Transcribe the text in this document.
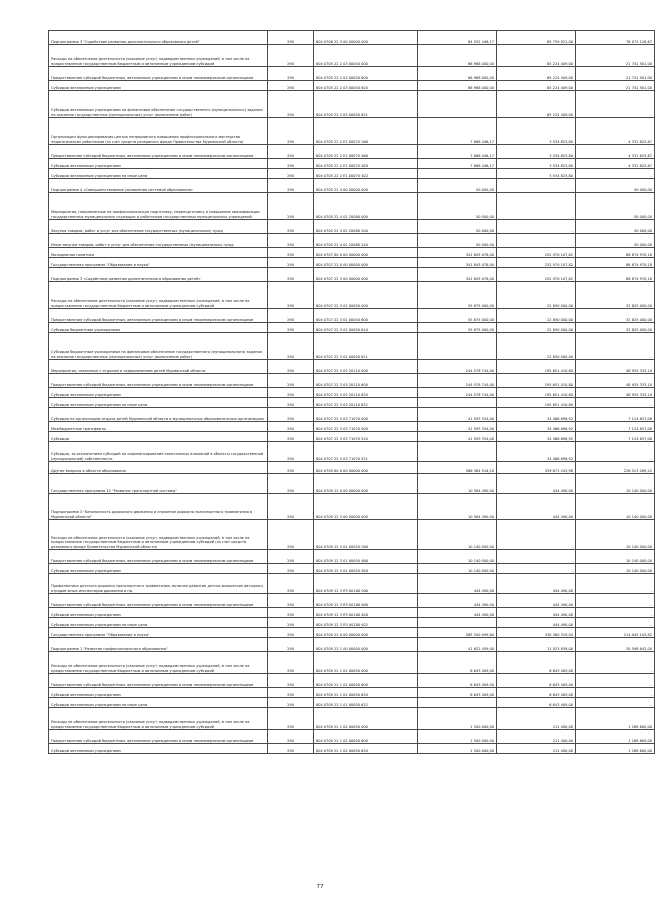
Подпрограмма 3 "Содействие развитию дополнительного образования детей"	290	804 0706 22 3 00 00000 000	64 932 446,17	65 759 921,00	76 073 126,67
Расходы на обеспечение деятельности (оказание услуг) подведомственных учреждений, в том числе на предоставление государственным бюджетным и автономным учреждениям субсидий	290	804 0705 22 2 03 00050 000	66 968 000,00	65 224 409,00	21 741 501,00
Предоставление субсидий бюджетным, автономным учреждениям и иным некоммерческим организациям	290	804 0705 22 2 03 00050 600	66 968 000,00	65 224 409,00	21 741 501,00
Субсидии автономным учреждениям	290	804 0705 22 2 03 00050 620	66 968 000,00	65 224 409,00	21 741 501,00
Субсидии автономным учреждениям на финансовое обеспечение государственного (муниципального) задания на оказание государственных (муниципальных) услуг (выполнение работ)	290	804 0705 22 2 03 00050 621		65 224 409,00	-
Организация функционирования центра непрерывного повышения профессионального мастерства педагогических работников (за счет средств резервного фонда Правительства Мурманской области)	290	804 0705 22 2 E1 0007U 000	7 668 446,17	3 534 823,80	4 331 625,67
Предоставление субсидий бюджетным, автономным учреждениям и иным некоммерческим организациям	290	804 0705 22 2 E1 0007U 600	7 668 446,17	3 534 823,80	4 331 625,67
Субсидии автономным учреждениям	290	804 0705 22 2 E1 0007U 620	7 668 446,17	3 534 823,80	4 331 625,67
Субсидии автономным учреждениям на иные цели	290	804 0705 22 2 E1 0007U 622		3 534 823,80	-
Подпрограмма 4 «Совершенствование управления системой образования»	290	804 0705 22 4 00 00000 000	50 000,00	-	50 000,00
Мероприятия, направленные на профессиональную подготовку, переподготовку и повышение квалификации государственных муниципальных служащих и работников государственных муниципальных учреждений	290	804 0705 22 4 02 20080 000	50 000,00	-	50 000,00
Закупка товаров, работ и услуг для обеспечения государственных (муниципальных) нужд	290	804 0705 22 4 02 20080 200	50 000,00	-	50 000,00
Иные закупки товаров, работ и услуг для обеспечения государственных (муниципальных) нужд	290	804 0705 22 4 02 20080 240	50 000,00	-	50 000,00
Молодежная политика	290	804 0707 00 0 00 00000 000	341 845 078,00	252 970 107,82	88 874 970,18
Государственная программа "Образование и наука"	290	804 0707 22 0 00 00000 000	341 845 078,00	252 970 107,82	88 874 970,18
Подпрограмма 3 «Содействие развитию дополнительного образования детей»	290	804 0707 22 3 00 00000 000	341 845 078,00	252 970 107,82	88 874 970,18
Расходы на обеспечение деятельности (оказание услуг) подведомственных учреждений, в том числе на предоставление государственным бюджетным и автономным учреждениям субсидий	290	804 0707 22 3 01 00050 000	55 675 000,00	22 650 000,00	32 825 000,00
Предоставление субсидий бюджетным, автономным учреждениям и иным некоммерческим организациям	290	804 0707 22 3 01 00050 600	55 675 000,00	22 650 000,00	32 825 000,00
Субсидии бюджетным учреждениям	290	804 0707 22 3 01 00050 610	55 675 000,00	22 650 000,00	32 825 000,00
Субсидии бюджетным учреждениям на финансовое обеспечение государственного (муниципального) задания на оказание государственных (муниципальных) услуг (выполнение работ)	290	804 0707 22 3 01 00050 611		22 650 000,00	-
Мероприятия, связанные с отдыхом и оздоровлением детей Мурманской области	290	804 0707 22 3 03 20110 000	244 578 744,00	195 651 410,80	48 925 333,10
Предоставление субсидий бюджетным, автономным учреждениям и иным некоммерческим организациям	290	804 0707 22 3 03 20110 600	244 578 744,00	195 651 410,80	48 925 333,10
Субсидии автономным учреждениям	290	804 0707 22 3 03 20110 620	244 578 744,00	195 651 410,80	48 925 333,10
Субсидии автономным учреждениям на иные цели	290	804 0707 22 3 03 20110 622		195 651 410,80	-
Субсидия на организацию отдыха детей Мурманской области в муниципальных образовательных организациях	290	804 0707 22 3 03 71070 000	41 593 334,00	34 466 696,92	7 124 637,08
Межбюджетные трансферты	290	804 0707 22 3 03 71070 500	41 593 334,00	34 466 696,92	7 124 637,08
Субсидии	290	804 0707 22 3 03 71070 520	41 593 334,00	34 466 696,92	7 124 637,08
Субсидии, за исключением субсидий на софинансирование капитальных вложений в объекты государственной (муниципальной) собственности	290	804 0707 22 3 03 71070 521		34 466 696,92	-
Другие вопросы в области образования	290	804 0709 00 0 00 00000 000	566 384 516,20	339 871 243,98	226 513 289,22
Государственная программа 12 "Развитие транспортной системы"	290	804 0709 12 0 00 00000 000	10 584 490,00	444 490,00	10 140 000,00
Подпрограмма 3 "Безопасность дорожного движения и снижение дорожно-транспортного травматизма в Мурманской области"	290	804 0709 12 3 00 00000 000	10 584 490,00	444 490,00	10 140 000,00
Расходы на обеспечение деятельности (оказание услуг) подведомственных учреждений, в том числе на предоставление государственным бюджетным и автономным учреждениям субсидий (за счет средств резервного фонда Правительства Мурманской области)	290	804 0709 12 3 01 0005U 000	10 140 000,00	-	10 140 000,00
Предоставление субсидий бюджетным, автономным учреждениям и иным некоммерческим организациям	290	804 0709 12 3 01 0005U 600	10 140 000,00	-	10 140 000,00
Субсидии автономным учреждениям	290	804 0709 12 3 01 0005U 620	10 140 000,00	-	10 140 000,00
Профилактика детского дорожно-транспортного травматизма, включая развитие детско-юношеских автошкол, отрядов юных инспекторов движения и пр.	290	804 0709 12 3 R3 00180 000	444 490,00	444 490,00	-
Предоставление субсидий бюджетным, автономным учреждениям и иным некоммерческим организациям	290	804 0709 12 3 R3 00180 600	444 490,00	444 490,00	-
Субсидии автономным учреждениям	290	804 0709 12 3 R3 00180 620	444 490,00	444 490,00	-
Субсидии автономным учреждениям на иные цели	290	804 0709 12 3 R3 00180 622		444 490,00	-
Государственная программа "Образование и наука"	290	804 0709 22 0 00 00000 000	565 340 099,60	330 380 319,04	214 045 103,82
Подпрограмма 1 "Развитие профессионального образования"	290	804 0709 22 1 00 00000 000	41 622 459,00	11 023 839,00	30 598 642,00
Расходы на обеспечение деятельности (оказание услуг) подведомственных учреждений, в том числе на предоставление государственным бюджетным и автономным учреждениям субсидий	290	804 0709 22 1 01 00050 000	6 643 409,00	6 643 409,00	-
Предоставление субсидий бюджетным, автономным учреждениям и иным некоммерческим организациям	290	804 0709 22 1 01 00050 600	6 643 409,00	6 643 409,00	-
Субсидии автономным учреждениям	290	804 0709 22 1 01 00050 620	6 643 409,00	6 643 409,00	-
Субсидии автономным учреждениям на иные цели	290	804 0709 22 1 01 00050 622		6 643 409,00	-
Расходы на обеспечение деятельности (оказание услуг) подведомственных учреждений, в том числе на предоставление государственным бюджетным и автономным учреждениям субсидий	290	804 0709 22 1 02 00050 000	1 500 000,00	211 400,00	1 288 600,00
Предоставление субсидий бюджетным, автономным учреждениям и иным некоммерческим организациям	290	804 0709 22 1 02 00050 600	1 500 000,00	211 400,00	1 288 600,00
Субсидии автономным учреждениям	290	804 0709 22 1 02 00050 620	1 500 000,00	211 400,00	1 288 600,00
77
